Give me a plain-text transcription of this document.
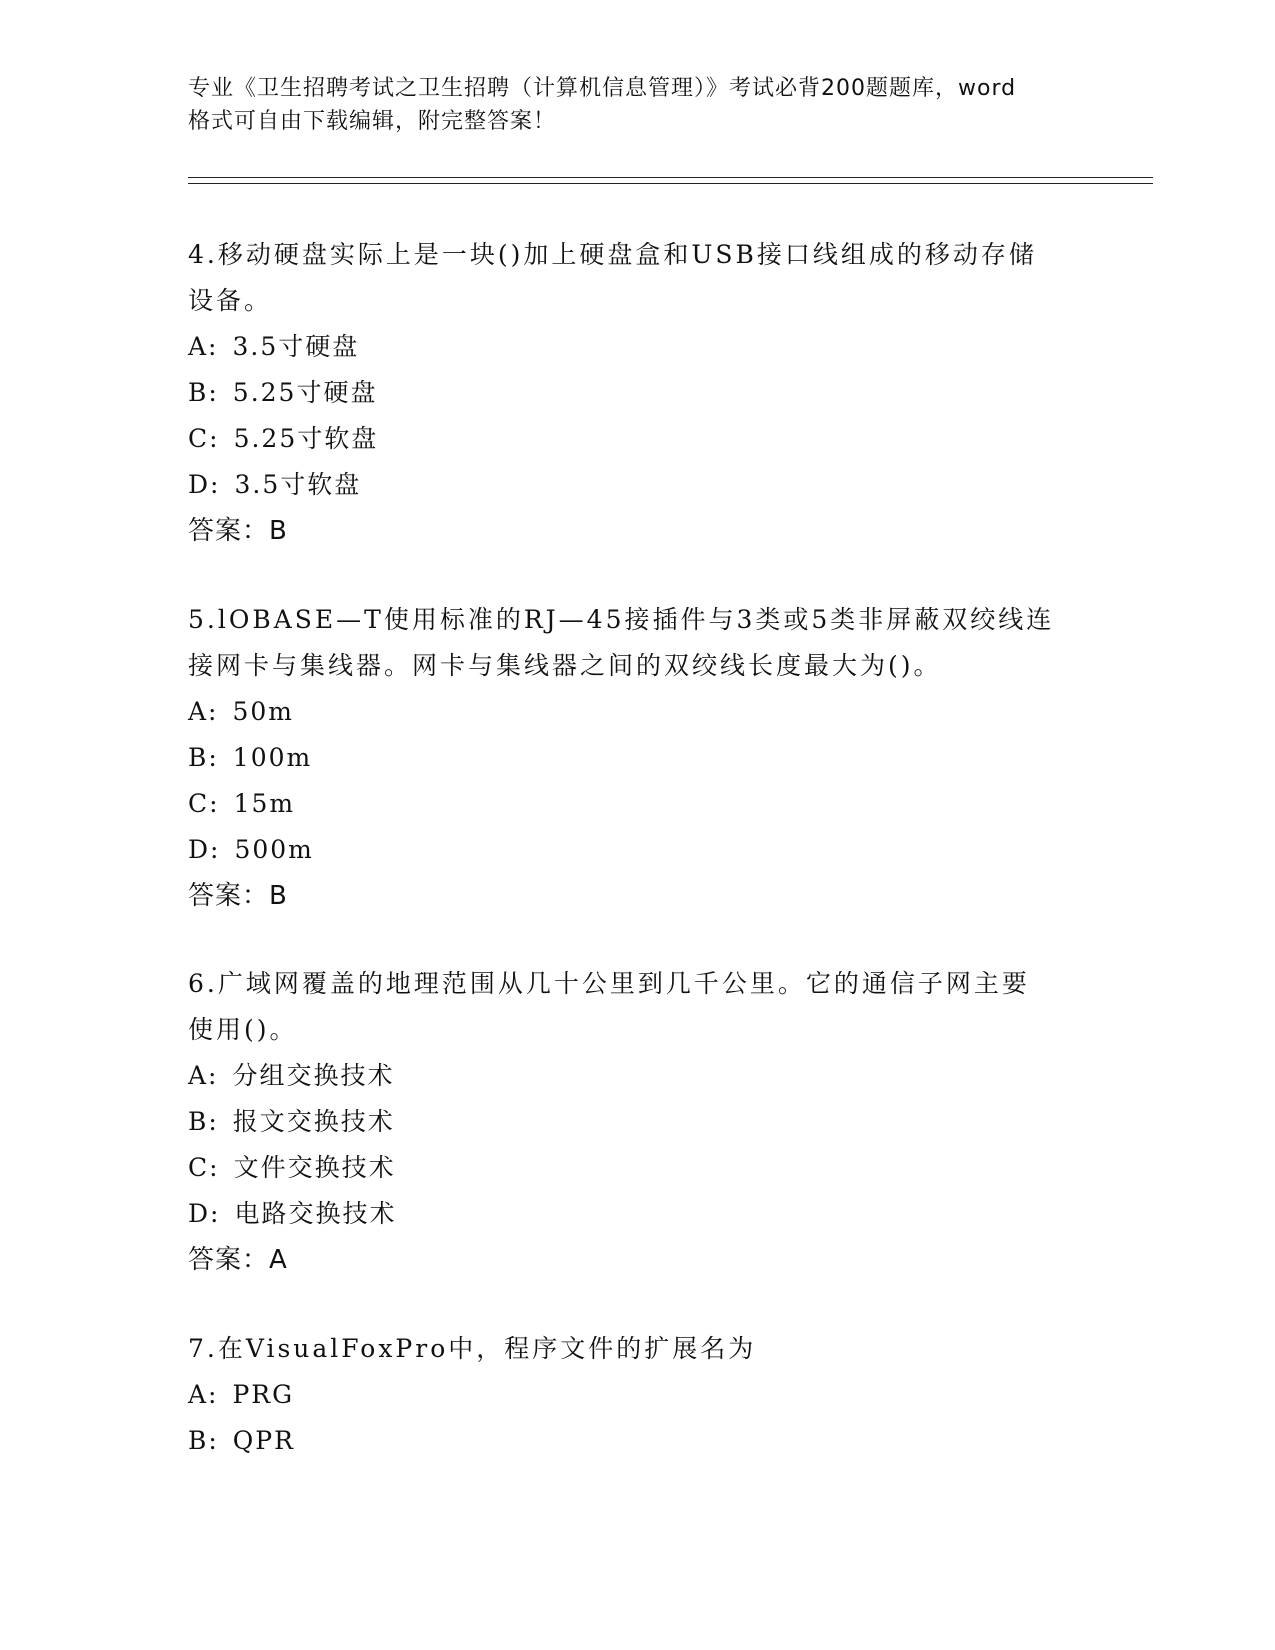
专业《卫生招聘考试之卫生招聘（计算机信息管理）》考试必背200题题库，word
格式可自由下载编辑，附完整答案！
4.移动硬盘实际上是一块()加上硬盘盒和USB接口线组成的移动存储
设备。
A: 3.5寸硬盘
B: 5.25寸硬盘
C: 5.25寸软盘
D: 3.5寸软盘
答案：B
5.lOBASE—T使用标准的RJ—45接插件与3类或5类非屏蔽双绞线连
接网卡与集线器。网卡与集线器之间的双绞线长度最大为()。
A: 50m
B: 100m
C: 15m
D: 500m
答案：B
6.广域网覆盖的地理范围从几十公里到几千公里。它的通信子网主要
使用()。
A: 分组交换技术
B: 报文交换技术
C: 文件交换技术
D: 电路交换技术
答案：A
7.在VisualFoxPro中，程序文件的扩展名为
A: PRG
B: QPR
